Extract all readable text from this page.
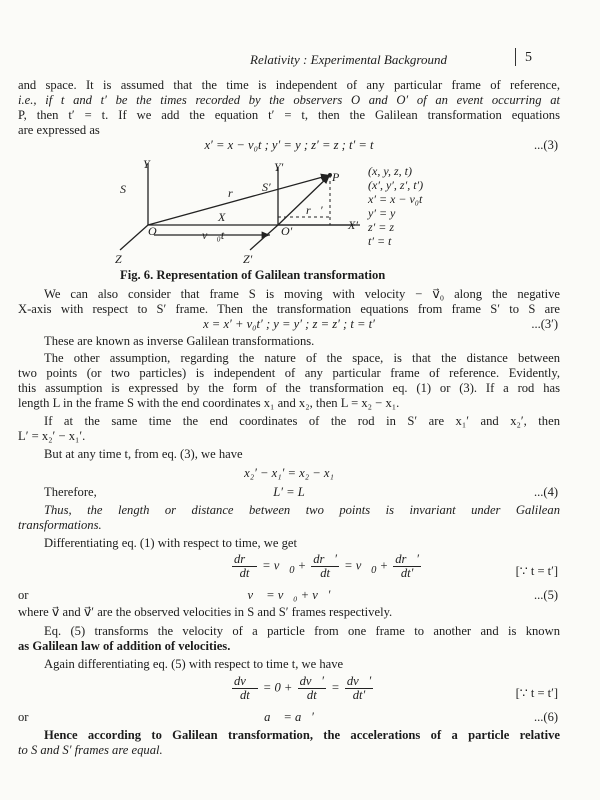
Relativity : Experimental Background	5
and space. It is assumed that the time is independent of any particular frame of reference,
i.e., if t and t′ be the times recorded by the observers O and O′ of an event occurring at
P, then t′ = t. If we add the equation t′ = t, then the Galilean transformation equations
are expressed as
x′ = x − v₀t ; y′ = y ; z′ = z ; t′ = t	...(3)
Y
S
Y′
S′
P
r⃗
r⃗′
X
X′
O	O′
v⃗₀t
Z	Z′
(x, y, z, t)
(x′, y′, z′, t′)
x′ = x − v₀t
y′ = y
z′ = z
t′ = t
Fig. 6. Representation of Galilean transformation
We can also consider that frame S is moving with velocity − v⃗₀ along the negative
X-axis with respect to S′ frame. Then the transformation equations from frame S′ to S are
x = x′ + v₀t′ ; y = y′ ; z = z′ ; t = t′	...(3′)
These are known as inverse Galilean transformations.
The other assumption, regarding the nature of the space, is that the distance between
two points (or two particles) is independent of any particular frame of reference. Evidently,
this assumption is expressed by the form of the transformation eq. (1) or (3). If a rod has
length L in the frame S with the end coordinates x₁ and x₂, then L = x₂ − x₁.
If at the same time the end coordinates of the rod in S′ are x₁′ and x₂′, then
L′ = x₂′ − x₁′.
But at any time t, from eq. (3), we have
x₂′ − x₁′ = x₂ − x₁
Therefore,	L′ = L	...(4)
Thus, the length or distance between two points is invariant under Galilean
transformations.
Differentiating eq. (1) with respect to time, we get
$\frac{dr⃗}{dt}$ = $v⃗_0 + \frac{dr⃗'}{dt}$ = $v⃗_0 + \frac{dr⃗'}{dt'}$	[∵ t = t′]
or	v⃗ = v⃗₀ + v⃗′	...(5)
where v⃗ and v⃗′ are the observed velocities in S and S′ frames respectively.
Eq. (5) transforms the velocity of a particle from one frame to another and is known
as Galilean law of addition of velocities.
Again differentiating eq. (5) with respect to time t, we have
$\frac{dv⃗}{dt} = 0 + \frac{dv⃗'}{dt} = \frac{dv⃗'}{dt'}$	[∵ t = t′]
or	a⃗ = a⃗′	...(6)
Hence according to Galilean transformation, the accelerations of a particle relative
to S and S′ frames are equal.
